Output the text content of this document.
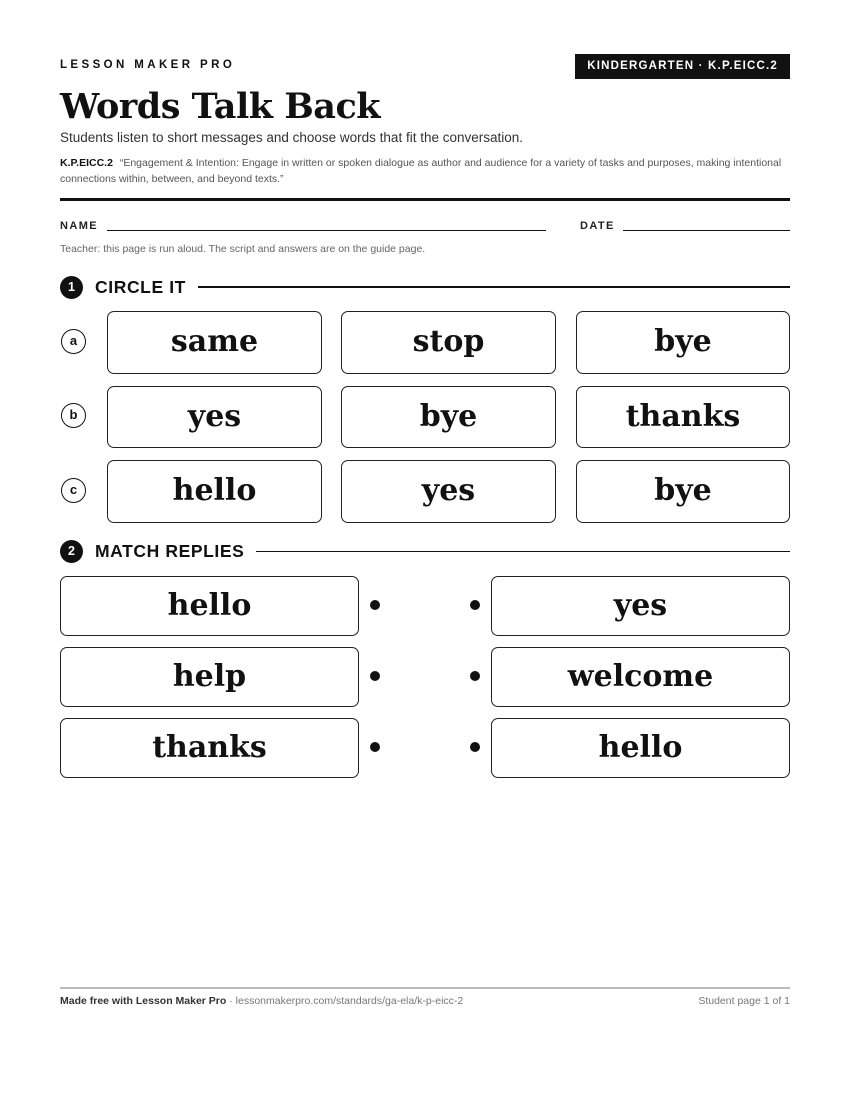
LESSON MAKER PRO	KINDERGARTEN · K.P.EICC.2
Words Talk Back
Students listen to short messages and choose words that fit the conversation.
K.P.EICC.2 “Engagement & Intention: Engage in written or spoken dialogue as author and audience for a variety of tasks and purposes, making intentional connections within, between, and beyond texts.”
NAME	DATE
Teacher: this page is run aloud. The script and answers are on the guide page.
1	CIRCLE IT
a	same	stop	bye
b	yes	bye	thanks
c	hello	yes	bye
2	MATCH REPLIES
hello	yes
help	welcome
thanks	hello
Made free with Lesson Maker Pro · lessonmakerpro.com/standards/ga-ela/k-p-eicc-2	Student page 1 of 1
